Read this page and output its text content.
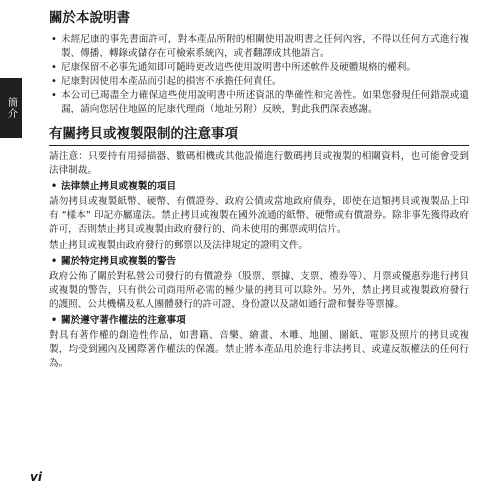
簡介
關於本說明書
• 未經尼康的事先書面許可，對本產品所附的相關使用說明書之任何內容，不得以任何方式進行複製、傳播、轉錄或儲存在可檢索系統內，或者翻譯成其他語言。
• 尼康保留不必事先通知即可隨時更改這些使用說明書中所述軟件及硬體規格的權利。
• 尼康對因使用本產品而引起的損害不承擔任何責任。
• 本公司已竭盡全力確保這些使用說明書中所述資訊的準確性和完善性。如果您發現任何錯誤或遺漏，請向您居住地區的尼康代理商（地址另附）反映，對此我們深表感謝。
有關拷貝或複製限制的注意事項

請注意：只要持有用掃描器、數碼相機或其他設備進行數碼拷貝或複製的相關資料，也可能會受到法律制裁。

• 法律禁止拷貝或複製的項目

請勿拷貝或複製紙幣、硬幣、有價證券、政府公債或當地政府債券，即使在這類拷貝或複製品上印有 “樣本” 印記亦屬違法。禁止拷貝或複製在國外流通的紙幣、硬幣或有價證券。除非事先獲得政府許可，否則禁止拷貝或複製由政府發行的、尚未使用的郵票或明信片。

禁止拷貝或複製由政府發行的郵票以及法律規定的證明文件。

• 關於特定拷貝或複製的警告

政府公佈了關於對私營公司發行的有價證券（股票、票據、支票、禮券等）、月票或優惠券進行拷貝或複製的警告，只有供公司商用所必需的極少量的拷貝可以除外。另外，禁止拷貝或複製政府發行的護照、公共機構及私人團體發行的許可證、身份證以及諸如通行證和餐券等票據。

• 關於遵守著作權法的注意事項

對具有著作權的創造性作品，如書籍、音樂、繪畫、木雕、地圖、圖紙、電影及照片的拷貝或複製，均受到國內及國際著作權法的保護。禁止將本產品用於進行非法拷貝、或違反版權法的任何行為。

vi
